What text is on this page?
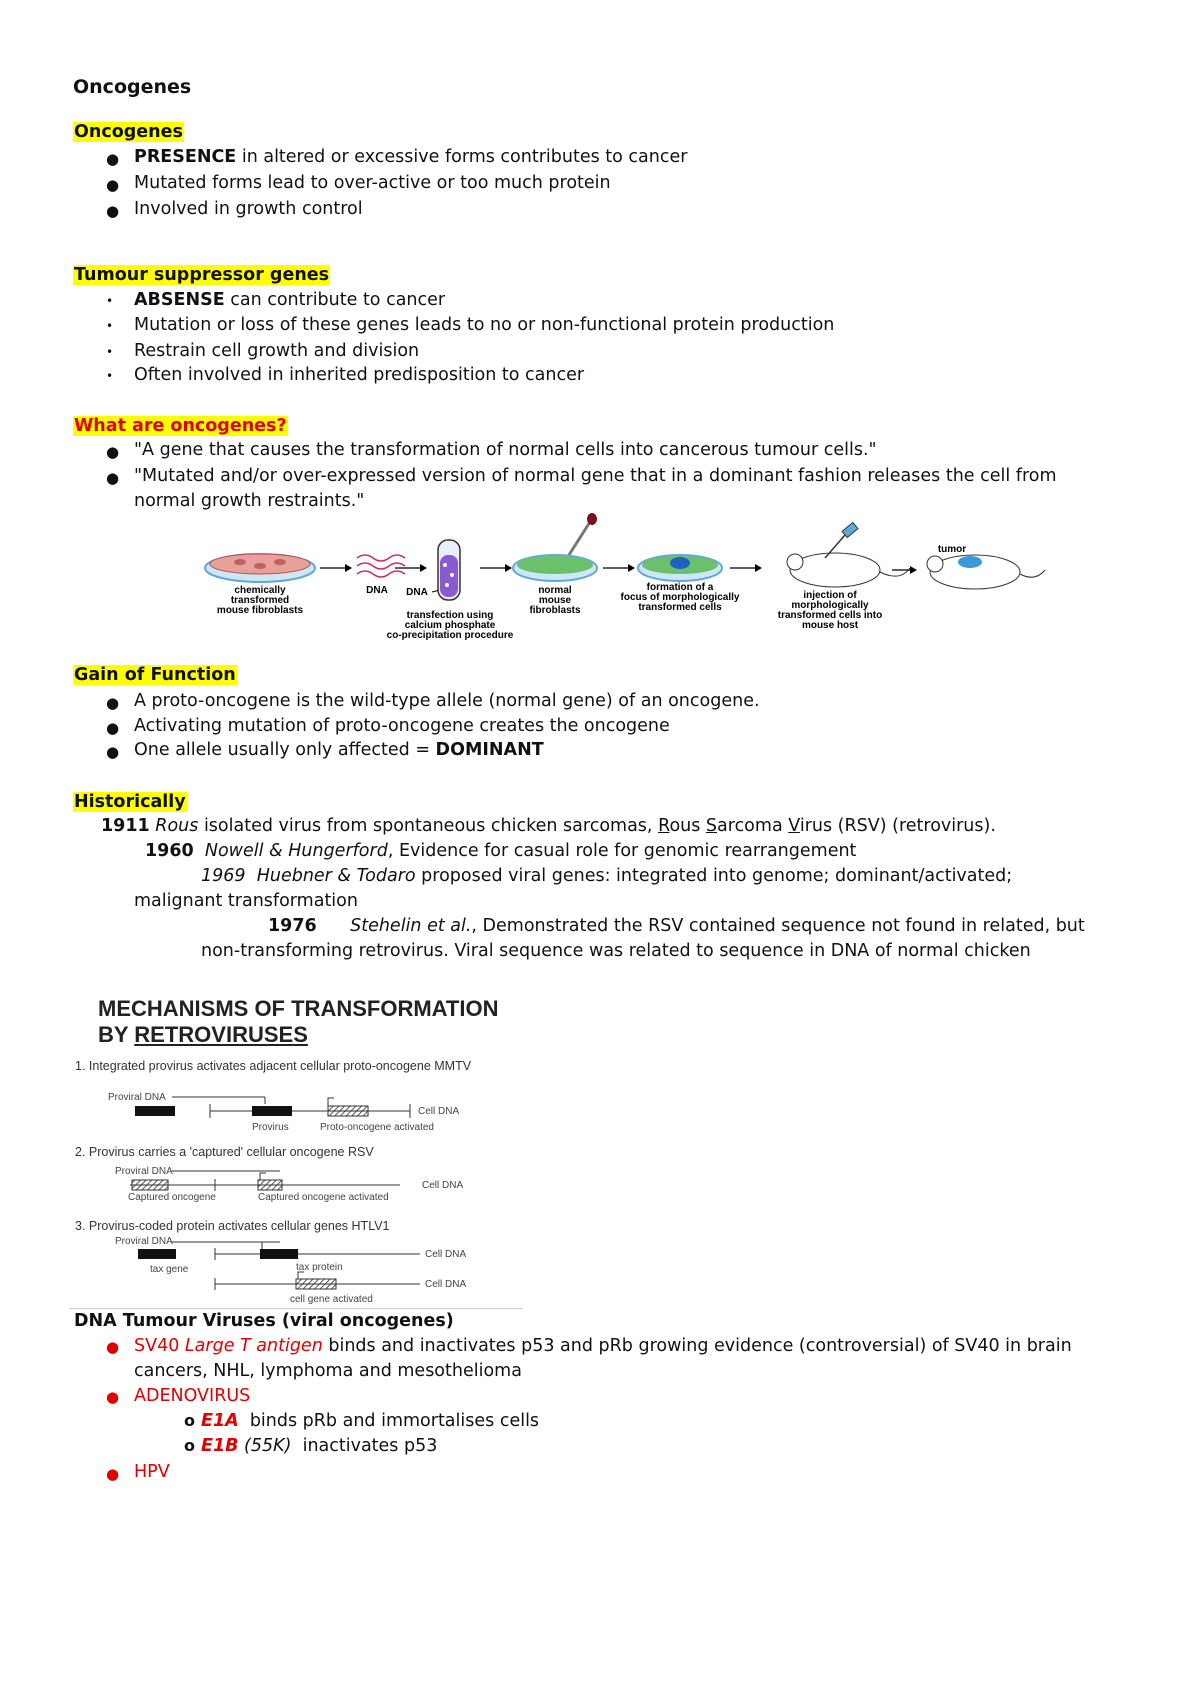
Oncogenes
Oncogenes
● PRESENCE in altered or excessive forms contributes to cancer
● Mutated forms lead to over-active or too much protein
● Involved in growth control
Tumour suppressor genes
• ABSENSE can contribute to cancer
• Mutation or loss of these genes leads to no or non-functional protein production
• Restrain cell growth and division
• Often involved in inherited predisposition to cancer
What are oncogenes?
● "A gene that causes the transformation of normal cells into cancerous tumour cells."
● "Mutated and/or over-expressed version of normal gene that in a dominant fashion releases the cell from
normal growth restraints."
chemically
transformed
mouse fibroblasts
DNA DNA
transfection using
calcium phosphate
co-precipitation procedure
normal
mouse
fibroblasts
formation of a
focus of morphologically
transformed cells
injection of
morphologically
transformed cells into
mouse host
tumor
Gain of Function
● A proto-oncogene is the wild-type allele (normal gene) of an oncogene.
● Activating mutation of proto-oncogene creates the oncogene
● One allele usually only affected = DOMINANT
Historically
1911 Rous isolated virus from spontaneous chicken sarcomas, Rous Sarcoma Virus (RSV) (retrovirus).
1960 Nowell & Hungerford, Evidence for casual role for genomic rearrangement
1969 Huebner & Todaro proposed viral genes: integrated into genome; dominant/activated;
malignant transformation
1976 Stehelin et al., Demonstrated the RSV contained sequence not found in related, but
non-transforming retrovirus. Viral sequence was related to sequence in DNA of normal chicken
MECHANISMS OF TRANSFORMATION
BY RETROVIRUSES
1. Integrated provirus activates adjacent cellular proto-oncogene MMTV
Proviral DNA
Cell DNA
Provirus	Proto-oncogene activated
2. Provirus carries a 'captured' cellular oncogene RSV
Proviral DNA
Cell DNA
Captured oncogene	Captured oncogene activated
3. Provirus-coded protein activates cellular genes HTLV1
Proviral DNA
Cell DNA
tax gene	tax protein
Cell DNA
cell gene activated
DNA Tumour Viruses (viral oncogenes)
● SV40 Large T antigen binds and inactivates p53 and pRb growing evidence (controversial) of SV40 in brain
cancers, NHL, lymphoma and mesothelioma
● ADENOVIRUS
o E1A  binds pRb and immortalises cells
o E1B (55K)  inactivates p53
● HPV
